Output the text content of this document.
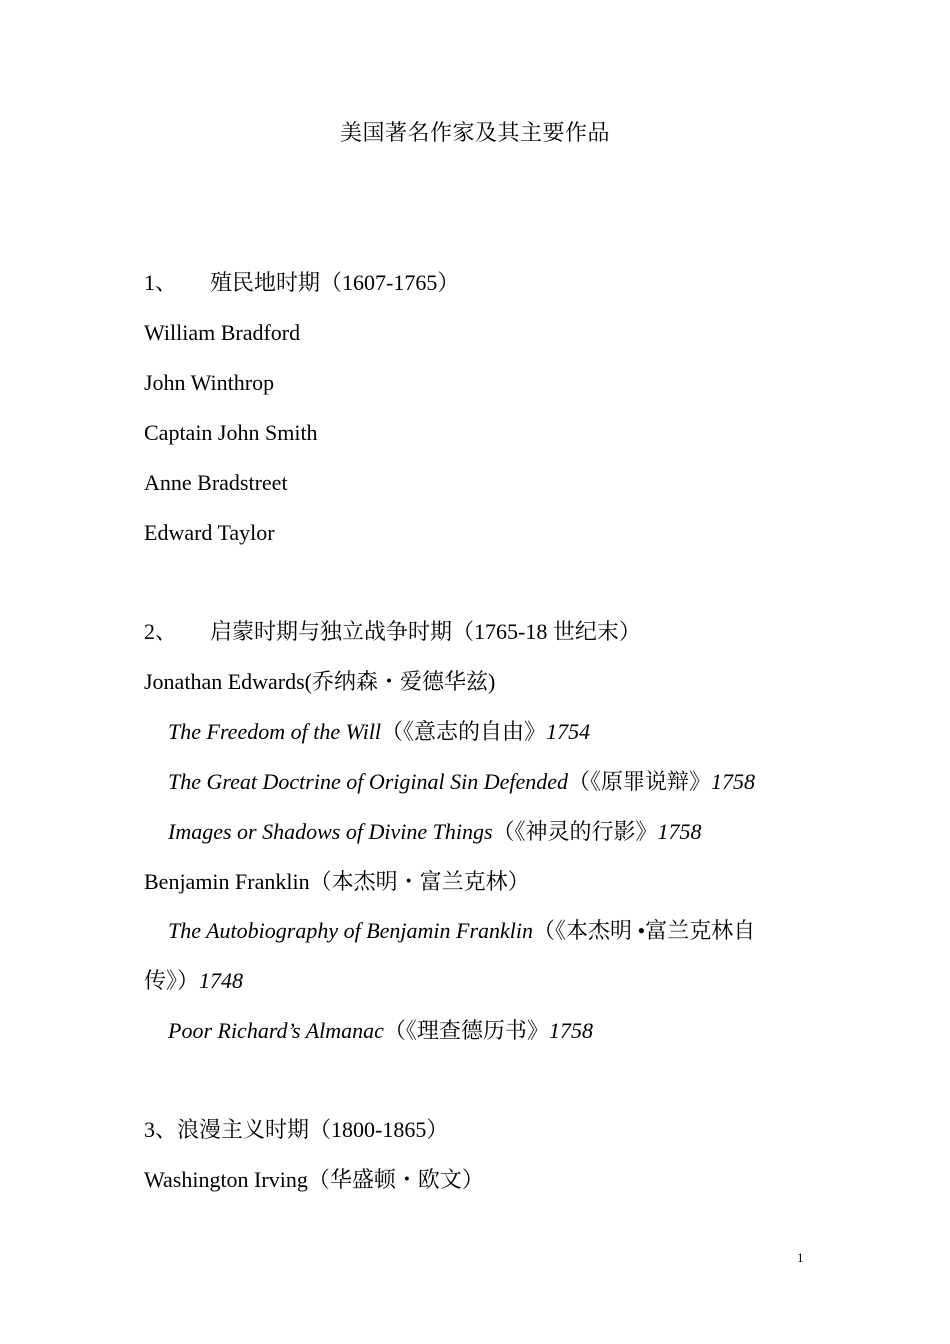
美国著名作家及其主要作品
1、 殖民地时期（1607-1765）
William Bradford
John Winthrop
Captain John Smith
Anne Bradstreet
Edward Taylor
2、 启蒙时期与独立战争时期（1765-18 世纪末）
Jonathan Edwards(乔纳森・爱德华兹)
The Freedom of the Will（《意志的自由》1754
The Great Doctrine of Original Sin Defended（《原罪说辩》1758
Images or Shadows of Divine Things（《神灵的行影》1758
Benjamin Franklin（本杰明・富兰克林）
The Autobiography of Benjamin Franklin（《本杰明 •富兰克林自
传》）1748
Poor Richard’s Almanac（《理查德历书》1758
3、浪漫主义时期（1800-1865）
Washington Irving（华盛顿・欧文）
1
